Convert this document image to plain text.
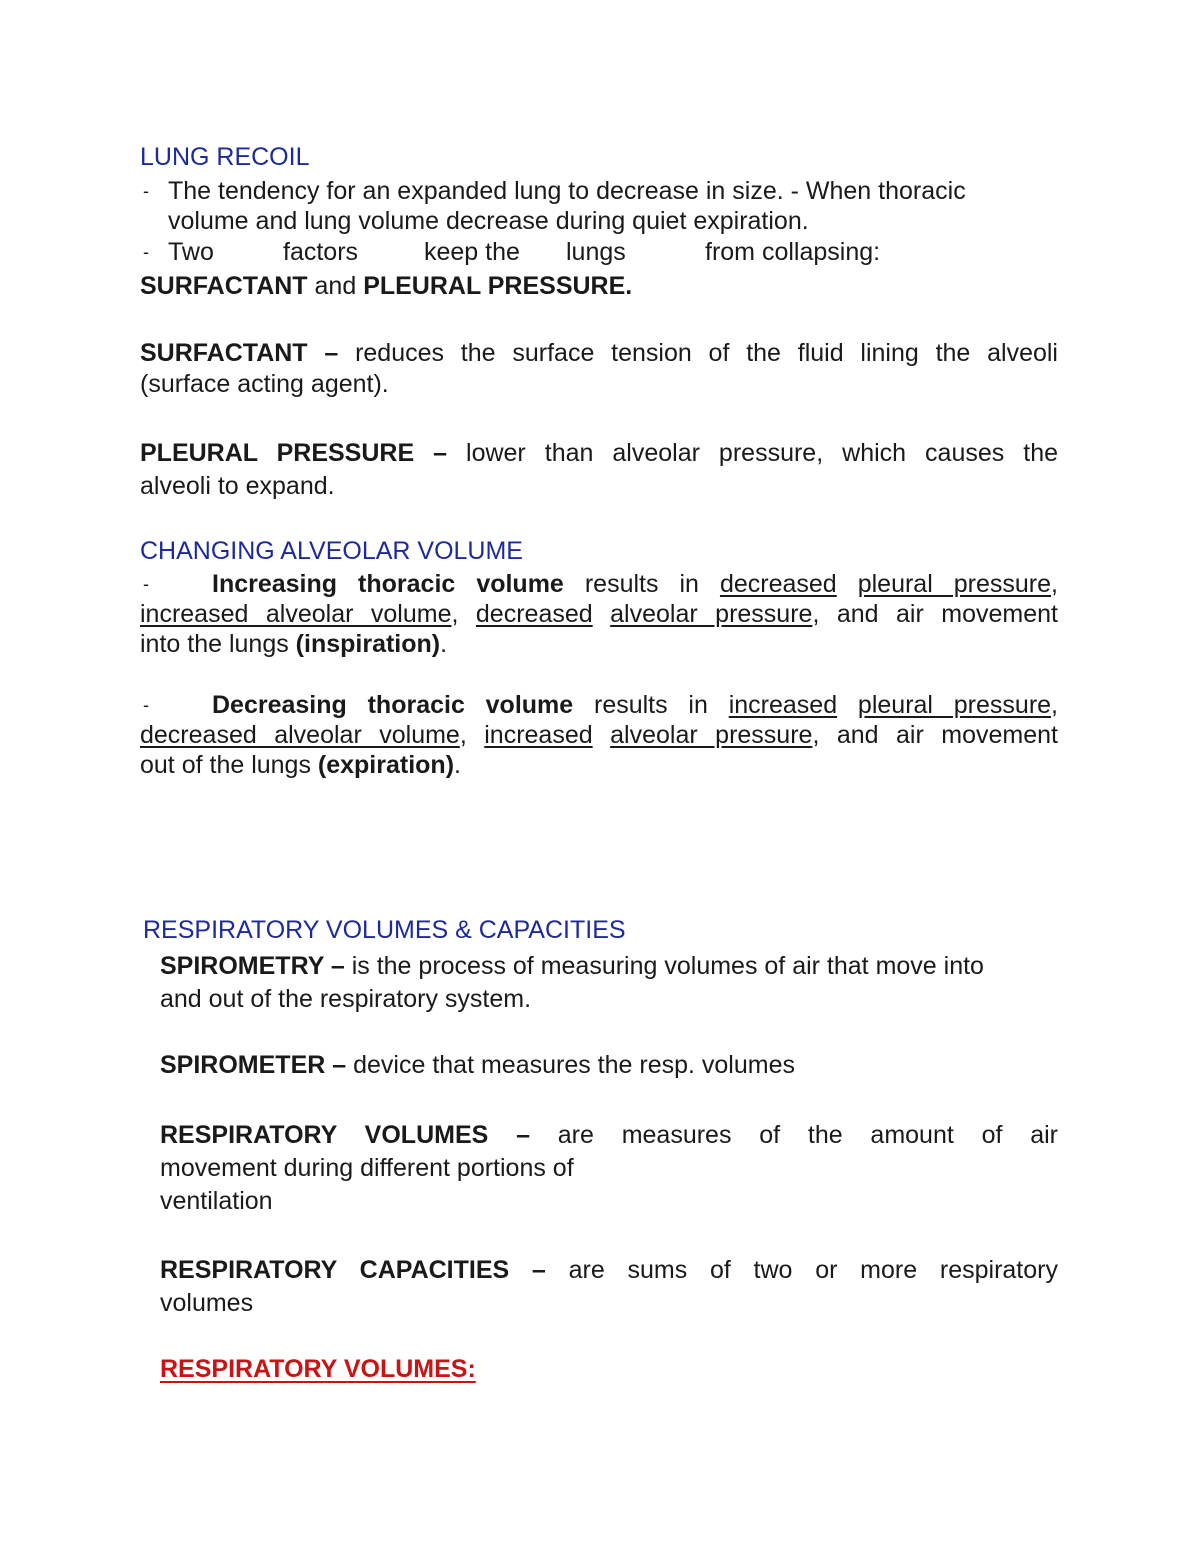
LUNG RECOIL
- The tendency for an expanded lung to decrease in size. - When thoracic
volume and lung volume decrease during quiet expiration.
- Two	factors	keep the lungs	from collapsing:
SURFACTANT and PLEURAL PRESSURE.
SURFACTANT – reduces the surface tension of the fluid lining the alveoli
(surface acting agent).
PLEURAL PRESSURE – lower than alveolar pressure, which causes the
alveoli to expand.
CHANGING ALVEOLAR VOLUME
-	Increasing thoracic volume results in decreased pleural pressure,
increased alveolar volume, decreased alveolar pressure, and air movement
into the lungs (inspiration).
-	Decreasing thoracic volume results in increased pleural pressure,
decreased alveolar volume, increased alveolar pressure, and air movement
out of the lungs (expiration).
RESPIRATORY VOLUMES & CAPACITIES
SPIROMETRY – is the process of measuring volumes of air that move into
and out of the respiratory system.
SPIROMETER – device that measures the resp. volumes
RESPIRATORY VOLUMES – are measures of the amount of air
movement during different portions of
ventilation
RESPIRATORY CAPACITIES – are sums of two or more respiratory
volumes
RESPIRATORY VOLUMES:
